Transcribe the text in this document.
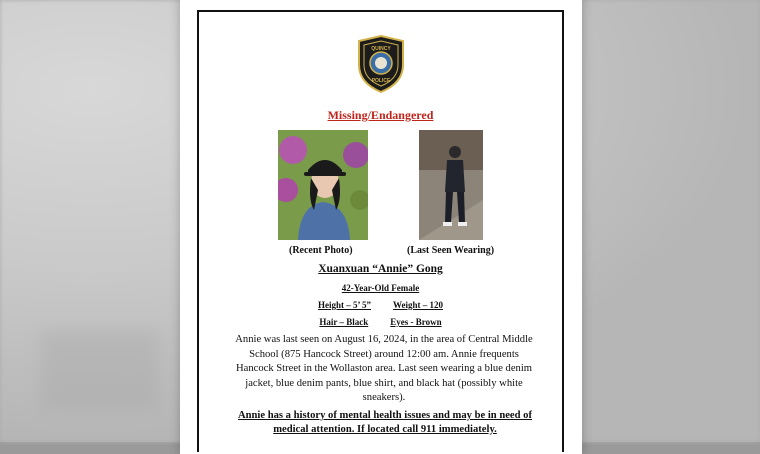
QUINCY
POLICE
Missing/Endangered
(Recent Photo)	(Last Seen Wearing)
Xuanxuan “Annie” Gong
42-Year-Old Female
Height – 5’ 5” Weight – 120
Hair – Black Eyes - Brown
Annie was last seen on August 16, 2024, in the area of Central Middle School (875 Hancock Street) around 12:00 am. Annie frequents Hancock Street in the Wollaston area. Last seen wearing a blue denim jacket, blue denim pants, blue shirt, and black hat (possibly white sneakers).
Annie has a history of mental health issues and may be in need of medical attention. If located call 911 immediately.
